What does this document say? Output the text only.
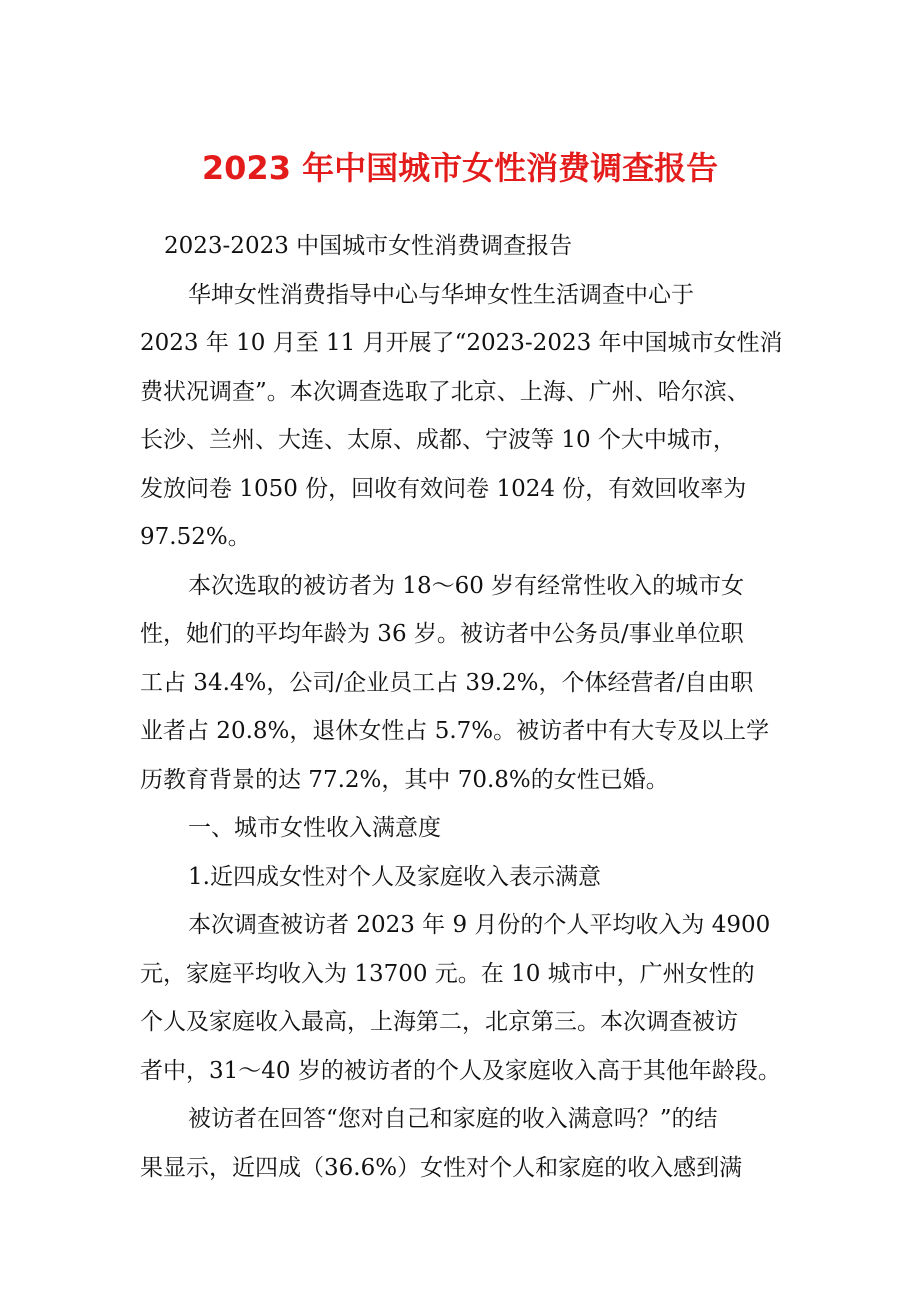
2023 年中国城市女性消费调查报告

2023-2023 中国城市女性消费调查报告

华坤女性消费指导中心与华坤女性生活调查中心于

2023 年 10 月至 11 月开展了“2023-2023 年中国城市女性消

费状况调查”。本次调查选取了北京、上海、广州、哈尔滨、

长沙、兰州、大连、太原、成都、宁波等 10 个大中城市，

发放问卷 1050 份，回收有效问卷 1024 份，有效回收率为

97.52%。

本次选取的被访者为 18～60 岁有经常性收入的城市女

性，她们的平均年龄为 36 岁。被访者中公务员/事业单位职

工占 34.4%，公司/企业员工占 39.2%，个体经营者/自由职

业者占 20.8%，退休女性占 5.7%。被访者中有大专及以上学

历教育背景的达 77.2%，其中 70.8%的女性已婚。

一、城市女性收入满意度

1.近四成女性对个人及家庭收入表示满意

本次调查被访者 2023 年 9 月份的个人平均收入为 4900

元，家庭平均收入为 13700 元。在 10 城市中，广州女性的

个人及家庭收入最高，上海第二，北京第三。本次调查被访

者中，31～40 岁的被访者的个人及家庭收入高于其他年龄段。

被访者在回答“您对自己和家庭的收入满意吗？”的结

果显示，近四成（36.6%）女性对个人和家庭的收入感到满
